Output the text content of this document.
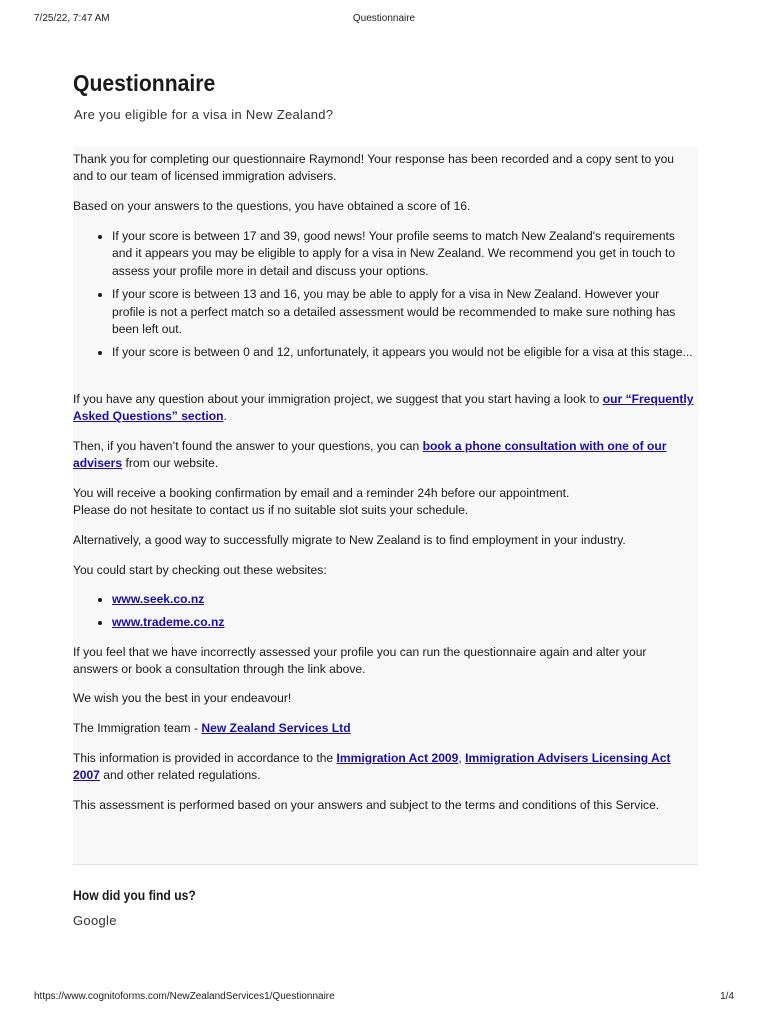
7/25/22, 7:47 AM	Questionnaire
Questionnaire

Are you eligible for a visa in New Zealand?

Thank you for completing our questionnaire Raymond! Your response has been recorded and a copy sent to you and to our team of licensed immigration advisers.

Based on your answers to the questions, you have obtained a score of 16.

If your score is between 17 and 39, good news! Your profile seems to match New Zealand's requirements and it appears you may be eligible to apply for a visa in New Zealand. We recommend you get in touch to assess your profile more in detail and discuss your options.
If your score is between 13 and 16, you may be able to apply for a visa in New Zealand. However your profile is not a perfect match so a detailed assessment would be recommended to make sure nothing has been left out.
If your score is between 0 and 12, unfortunately, it appears you would not be eligible for a visa at this stage...

If you have any question about your immigration project, we suggest that you start having a look to our “Frequently Asked Questions” section.

Then, if you haven’t found the answer to your questions, you can book a phone consultation with one of our advisers from our website.

You will receive a booking confirmation by email and a reminder 24h before our appointment.
Please do not hesitate to contact us if no suitable slot suits your schedule.

Alternatively, a good way to successfully migrate to New Zealand is to find employment in your industry.

You could start by checking out these websites:

www.seek.co.nz
www.trademe.co.nz

If you feel that we have incorrectly assessed your profile you can run the questionnaire again and alter your answers or book a consultation through the link above.

We wish you the best in your endeavour!

The Immigration team - New Zealand Services Ltd

This information is provided in accordance to the Immigration Act 2009, Immigration Advisers Licensing Act 2007 and other related regulations.

This assessment is performed based on your answers and subject to the terms and conditions of this Service.

How did you find us?

Google

https://www.cognitoforms.com/NewZealandServices1/Questionnaire	1/4
